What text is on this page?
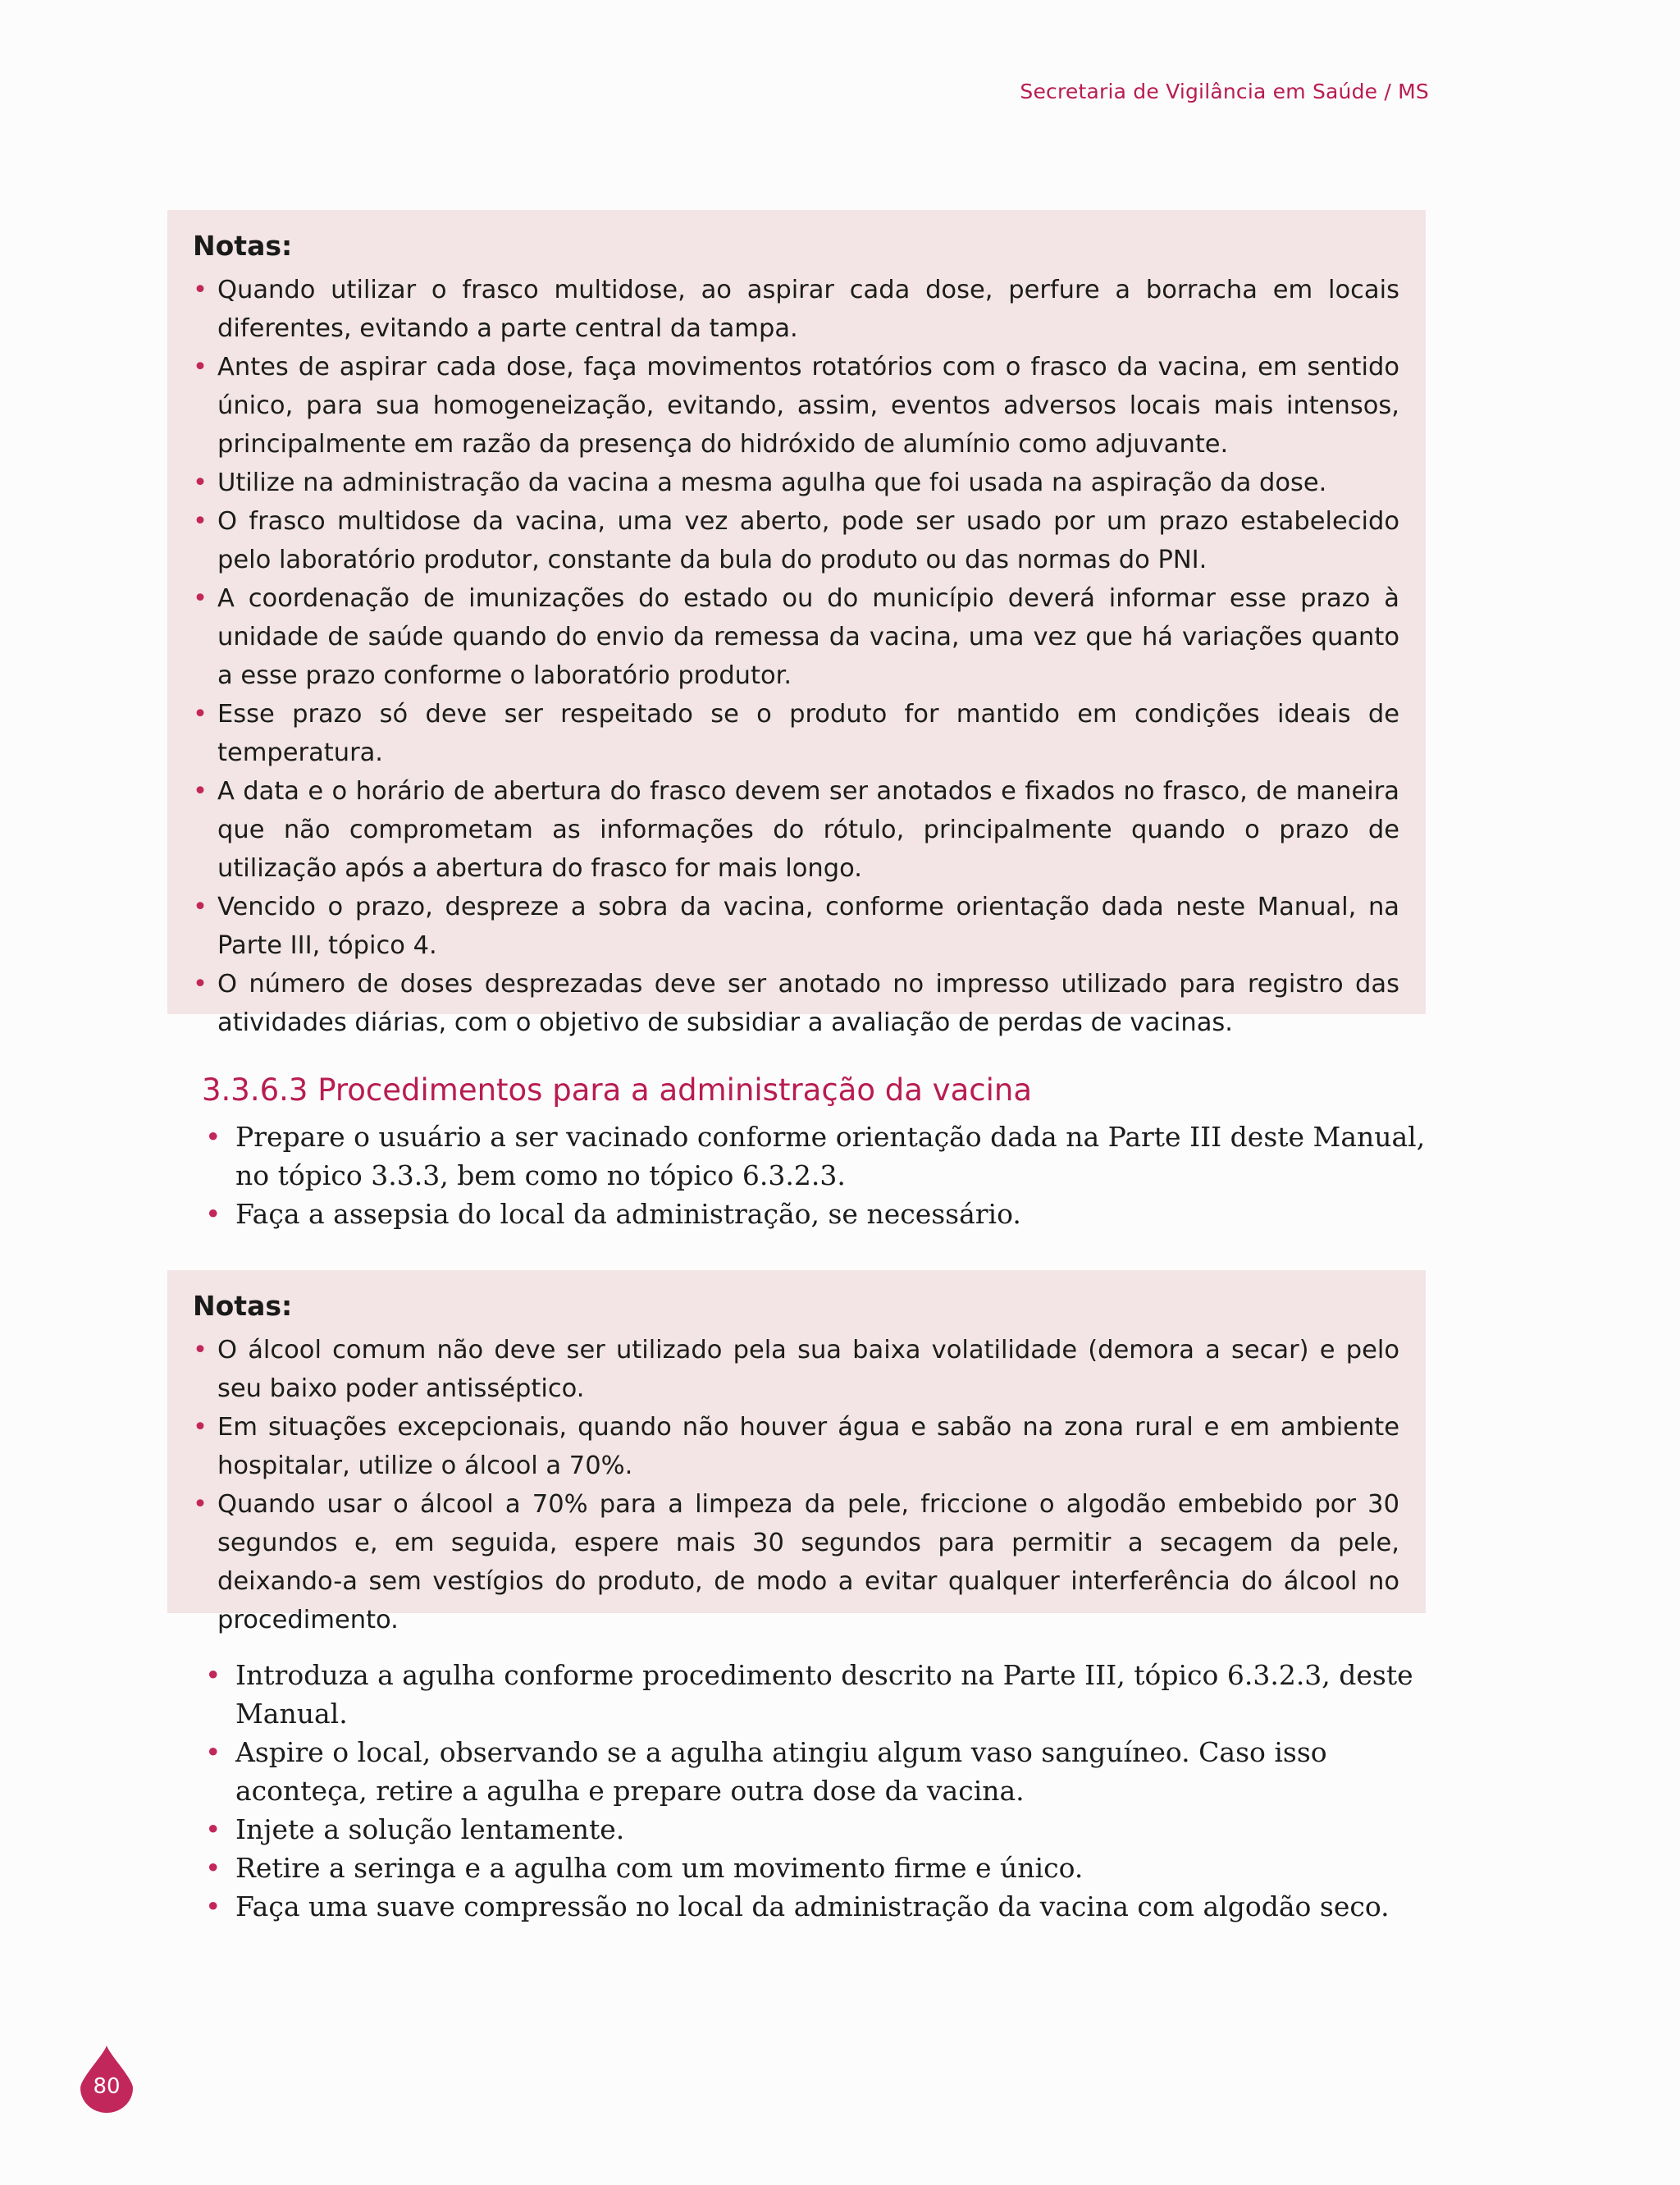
Secretaria de Vigilância em Saúde / MS
Notas:
• Quando utilizar o frasco multidose, ao aspirar cada dose, perfure a borracha em locais diferentes, evitando a parte central da tampa.
• Antes de aspirar cada dose, faça movimentos rotatórios com o frasco da vacina, em sentido único, para sua homogeneização, evitando, assim, eventos adversos locais mais intensos, principalmente em razão da presença do hidróxido de alumínio como adjuvante.
• Utilize na administração da vacina a mesma agulha que foi usada na aspiração da dose.
• O frasco multidose da vacina, uma vez aberto, pode ser usado por um prazo estabelecido pelo laboratório produtor, constante da bula do produto ou das normas do PNI.
• A coordenação de imunizações do estado ou do município deverá informar esse prazo à unidade de saúde quando do envio da remessa da vacina, uma vez que há variações quanto a esse prazo conforme o laboratório produtor.
• Esse prazo só deve ser respeitado se o produto for mantido em condições ideais de temperatura.
• A data e o horário de abertura do frasco devem ser anotados e fixados no frasco, de maneira que não comprometam as informações do rótulo, principalmente quando o prazo de utilização após a abertura do frasco for mais longo.
• Vencido o prazo, despreze a sobra da vacina, conforme orientação dada neste Manual, na Parte III, tópico 4.
• O número de doses desprezadas deve ser anotado no impresso utilizado para registro das atividades diárias, com o objetivo de subsidiar a avaliação de perdas de vacinas.
3.3.6.3 Procedimentos para a administração da vacina
• Prepare o usuário a ser vacinado conforme orientação dada na Parte III deste Manual, no tópico 3.3.3, bem como no tópico 6.3.2.3.
• Faça a assepsia do local da administração, se necessário.
Notas:
• O álcool comum não deve ser utilizado pela sua baixa volatilidade (demora a secar) e pelo seu baixo poder antisséptico.
• Em situações excepcionais, quando não houver água e sabão na zona rural e em ambiente hospitalar, utilize o álcool a 70%.
• Quando usar o álcool a 70% para a limpeza da pele, friccione o algodão embebido por 30 segundos e, em seguida, espere mais 30 segundos para permitir a secagem da pele, deixando-a sem vestígios do produto, de modo a evitar qualquer interferência do álcool no procedimento.
• Introduza a agulha conforme procedimento descrito na Parte III, tópico 6.3.2.3, deste Manual.
• Aspire o local, observando se a agulha atingiu algum vaso sanguíneo. Caso isso aconteça, retire a agulha e prepare outra dose da vacina.
• Injete a solução lentamente.
• Retire a seringa e a agulha com um movimento firme e único.
• Faça uma suave compressão no local da administração da vacina com algodão seco.
80
